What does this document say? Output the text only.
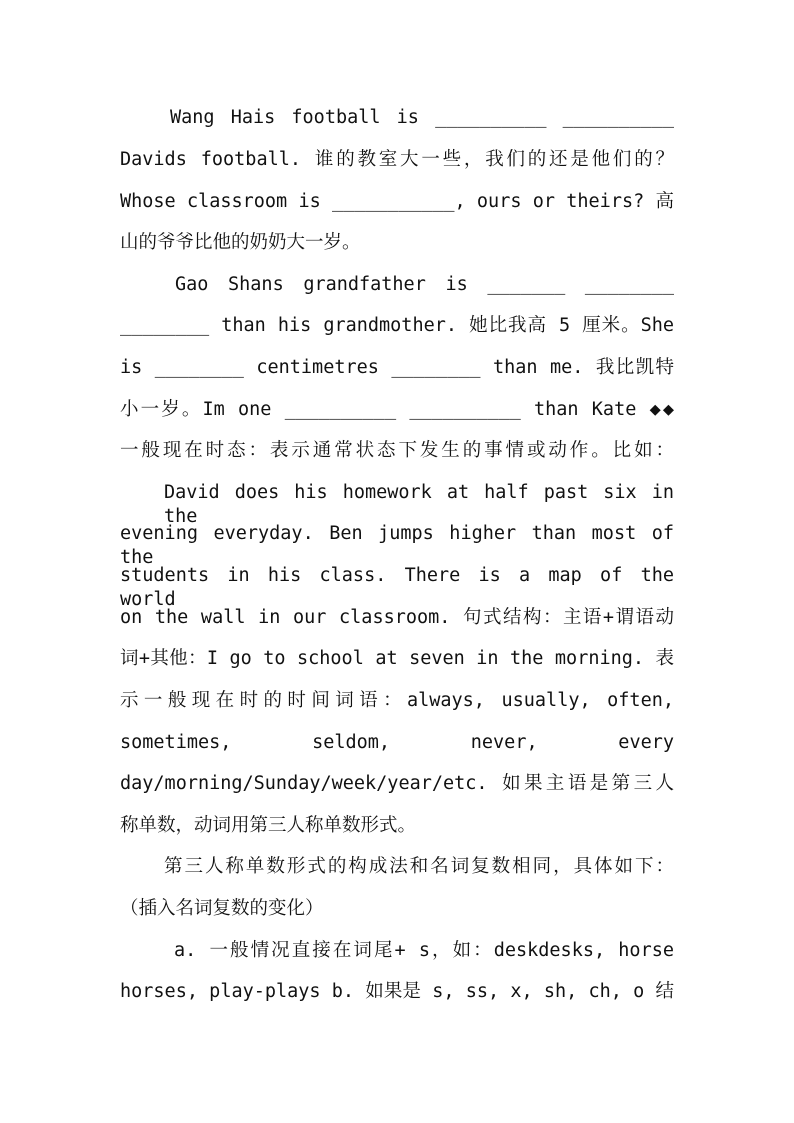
Wang Hais football is __________ __________
Davids football. 谁的教室大一些，我们的还是他们的？
Whose classroom is ___________, ours or theirs? 高
山的爷爷比他的奶奶大一岁。
Gao Shans grandfather is _______ ________
________ than his grandmother. 她比我高 5 厘米。She
is ________ centimetres ________ than me. 我比凯特
小一岁。Im one __________ __________ than Kate ◆◆
一般现在时态：表示通常状态下发生的事情或动作。比如：
David does his homework at half past six in the
evening everyday. Ben jumps higher than most of the
students in his class. There is a map of the world
on the wall in our classroom. 句式结构：主语+谓语动
词+其他：I go to school at seven in the morning. 表
示一般现在时的时间词语：always, usually, often,
sometimes, seldom, never, every
day/morning/Sunday/week/year/etc. 如果主语是第三人
称单数，动词用第三人称单数形式。
第三人称单数形式的构成法和名词复数相同，具体如下：
（插入名词复数的变化）
a. 一般情况直接在词尾+ s，如：deskdesks, horse
horses, play-plays b. 如果是 s, ss, x, sh, ch, o 结
